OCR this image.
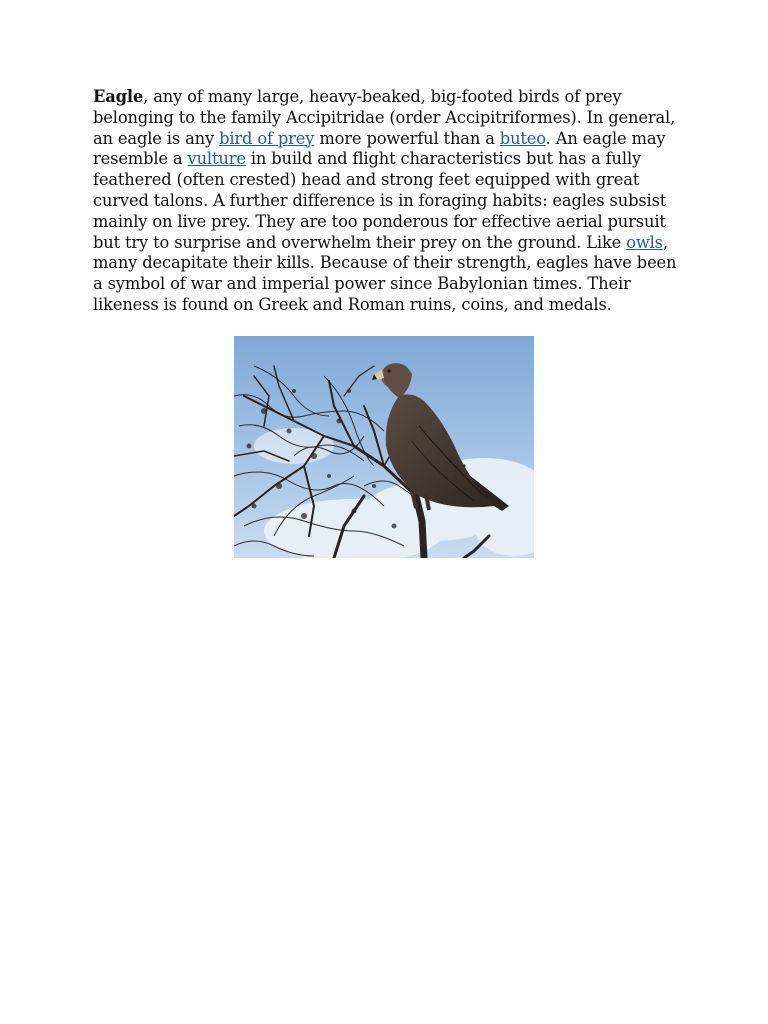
Eagle, any of many large, heavy-beaked, big-footed birds of prey belonging to the family Accipitridae (order Accipitriformes). In general, an eagle is any bird of prey more powerful than a buteo. An eagle may resemble a vulture in build and flight characteristics but has a fully feathered (often crested) head and strong feet equipped with great curved talons. A further difference is in foraging habits: eagles subsist mainly on live prey. They are too ponderous for effective aerial pursuit but try to surprise and overwhelm their prey on the ground. Like owls, many decapitate their kills. Because of their strength, eagles have been a symbol of war and imperial power since Babylonian times. Their likeness is found on Greek and Roman ruins, coins, and medals.
